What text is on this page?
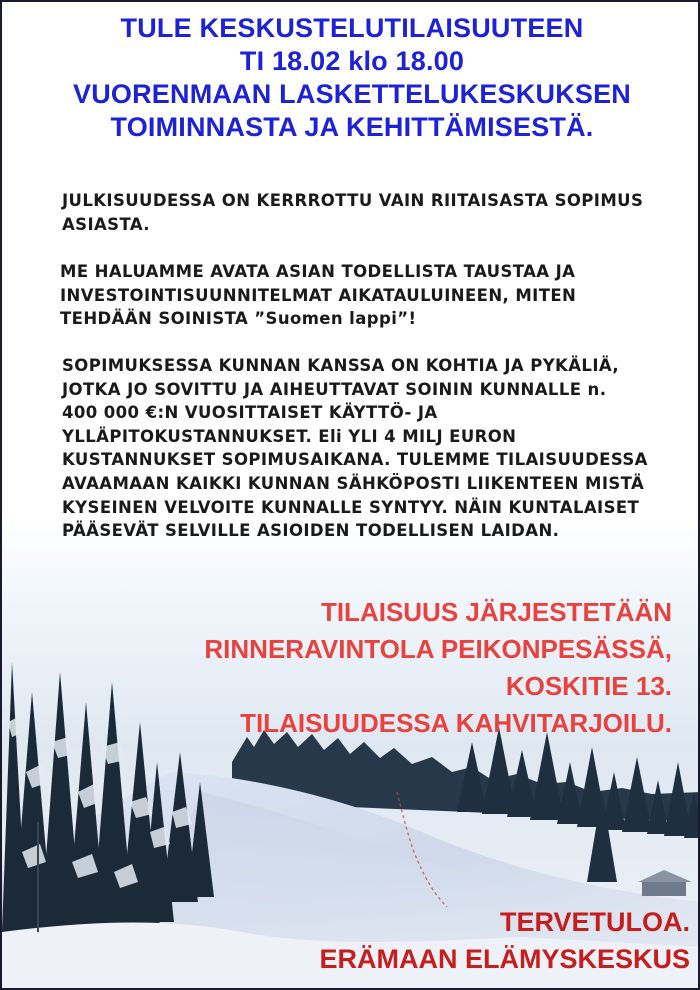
TULE KESKUSTELUTILAISUUTEEN
TI 18.02 klo 18.00
VUORENMAAN LASKETTELUKESKUKSEN
TOIMINNASTA JA KEHITTÄMISESTÄ.

JULKISUUDESSA ON KERRROTTU VAIN RIITAISASTA SOPIMUS
ASIASTA.

ME HALUAMME AVATA ASIAN TODELLISTA TAUSTAA JA
INVESTOINTISUUNNITELMAT AIKATAULUINEEN, MITEN
TEHDÄÄN SOINISTA ”Suomen lappi”!

SOPIMUKSESSA KUNNAN KANSSA ON KOHTIA JA PYKÄLIÄ,
JOTKA JO SOVITTU JA AIHEUTTAVAT SOININ KUNNALLE n.
400 000 €:N VUOSITTAISET KÄYTTÖ- JA
YLLÄPITOKUSTANNUKSET. Eli YLI 4 MILJ EURON
KUSTANNUKSET SOPIMUSAIKANA. TULEMME TILAISUUDESSA
AVAAMAAN KAIKKI KUNNAN SÄHKÖPOSTI LIIKENTEEN MISTÄ
KYSEINEN VELVOITE KUNNALLE SYNTYY. NÄIN KUNTALAISET
PÄÄSEVÄT SELVILLE ASIOIDEN TODELLISEN LAIDAN.

TILAISUUS JÄRJESTETÄÄN
RINNERAVINTOLA PEIKONPESÄSSÄ,
KOSKITIE 13.
TILAISUUDESSA KAHVITARJOILU.

TERVETULOA.
ERÄMAAN ELÄMYSKESKUS
